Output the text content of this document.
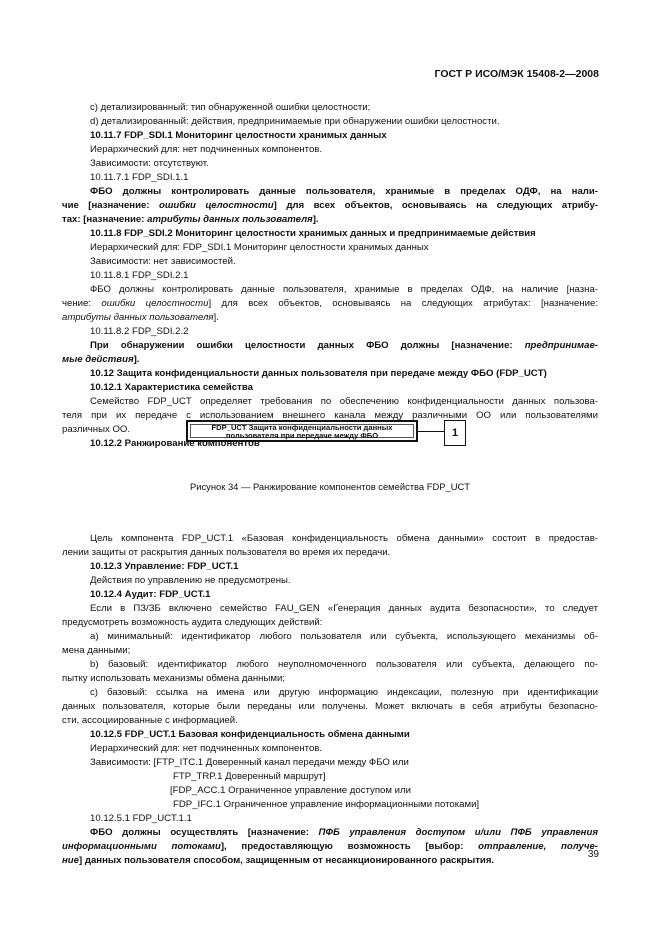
ГОСТ Р ИСО/МЭК 15408-2—2008
с) детализированный: тип обнаруженной ошибки целостности;
d) детализированный: действия, предпринимаемые при обнаружении ошибки целостности.
10.11.7 FDP_SDI.1 Мониторинг целостности хранимых данных
Иерархический для: нет подчиненных компонентов.
Зависимости: отсутствуют.
10.11.7.1 FDP_SDI.1.1
ФБО должны контролировать данные пользователя, хранимые в пределах ОДФ, на нали-
чие [назначение: ошибки целостности] для всех объектов, основываясь на следующих атрибу-
тах: [назначение: атрибуты данных пользователя].
10.11.8 FDP_SDI.2 Мониторинг целостности хранимых данных и предпринимаемые действия
Иерархический для: FDP_SDI.1 Мониторинг целостности хранимых данных
Зависимости: нет зависимостей.
10.11.8.1 FDP_SDI.2.1
ФБО должны контролировать данные пользователя, хранимые в пределах ОДФ, на наличие [назна-
чение: ошибки целостности] для всех объектов, основываясь на следующих атрибутах: [назначение:
атрибуты данных пользователя].
10.11.8.2 FDP_SDI.2.2
При обнаружении ошибки целостности данных ФБО должны [назначение: предпринимае-
мые действия].
10.12 Защита конфиденциальности данных пользователя при передаче между ФБО (FDP_UCT)
10.12.1 Характеристика семейства
Семейство FDP_UCT определяет требования по обеспечению конфиденциальности данных пользова-
теля при их передаче с использованием внешнего канала между различными ОО или пользователями
различных ОО.
10.12.2 Ранжирование компонентов
Цель компонента FDP_UCT.1 «Базовая конфиденциальность обмена данными» состоит в предостав-
лении защиты от раскрытия данных пользователя во время их передачи.
10.12.3 Управление: FDP_UCT.1
Действия по управлению не предусмотрены.
10.12.4 Аудит: FDP_UCT.1
Если в ПЗ/ЗБ включено семейство FAU_GEN «Генерация данных аудита безопасности», то следует
предусмотреть возможность аудита следующих действий:
а) минимальный: идентификатор любого пользователя или субъекта, использующего механизмы об-
мена данными;
b) базовый: идентификатор любого неуполномоченного пользователя или субъекта, делающего по-
пытку использовать механизмы обмена данными;
с) базовый: ссылка на имена или другую информацию индексации, полезную при идентификации
данных пользователя, которые были переданы или получены. Может включать в себя атрибуты безопасно-
сти, ассоциированные с информацией.
10.12.5 FDP_UCT.1 Базовая конфиденциальность обмена данными
Иерархический для: нет подчиненных компонентов.
Зависимости: [FTP_ITC.1 Доверенный канал передачи между ФБО или
FTP_TRP.1 Доверенный маршрут]
[FDP_ACC.1 Ограниченное управление доступом или
FDP_IFC.1 Ограниченное управление информационными потоками]
10.12.5.1 FDP_UCT.1.1
ФБО должны осуществлять [назначение: ПФБ управления доступом и/или ПФБ управления
информационными потоками], предоставляющую возможность [выбор: отправление, получе-
ние] данных пользователя способом, защищенным от несанкционированного раскрытия.
FDP_UCT Защита конфиденциальности данных
пользователя при передаче между ФБО	1
Рисунок 34 — Ранжирование компонентов семейства FDP_UCT
39
